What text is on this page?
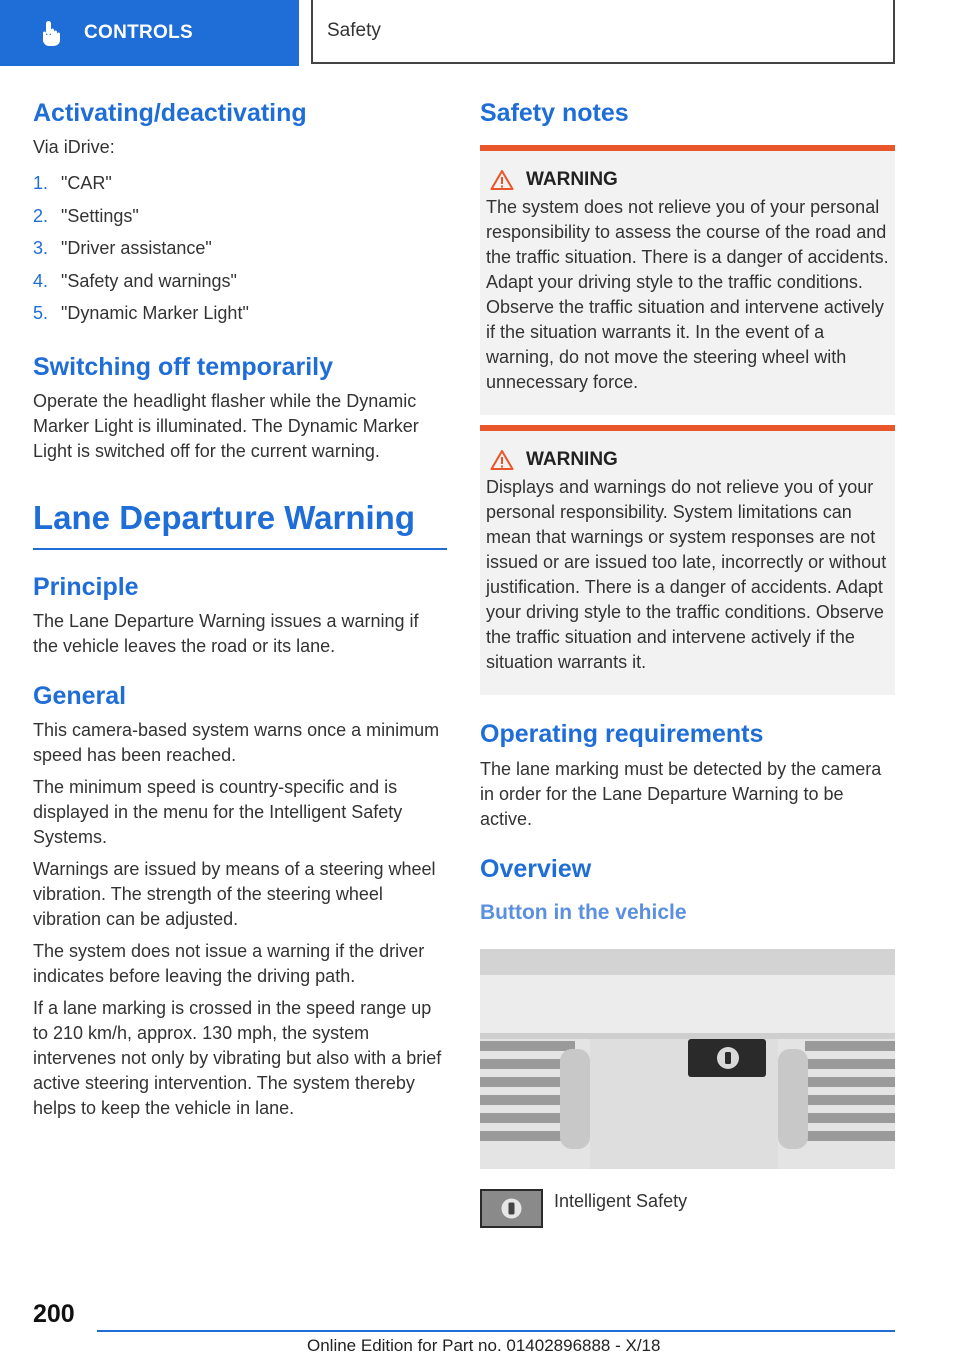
CONTROLS	Safety
Activating/deactivating

Via iDrive:

1. "CAR"
2. "Settings"
3. "Driver assistance"
4. "Safety and warnings"
5. "Dynamic Marker Light"
Switching off temporarily

Operate the headlight flasher while the Dynamic Marker Light is illuminated. The Dynamic Marker Light is switched off for the current warning.

Lane Departure Warning
Principle

The Lane Departure Warning issues a warning if the vehicle leaves the road or its lane.

General

This camera-based system warns once a minimum speed has been reached.

The minimum speed is country-specific and is displayed in the menu for the Intelligent Safety Systems.

Warnings are issued by means of a steering wheel vibration. The strength of the steering wheel vibration can be adjusted.

The system does not issue a warning if the driver indicates before leaving the driving path.

If a lane marking is crossed in the speed range up to 210 km/h, approx. 130 mph, the system intervenes not only by vibrating but also with a brief active steering intervention. The system thereby helps to keep the vehicle in lane.

Safety notes
WARNING

The system does not relieve you of your personal responsibility to assess the course of the road and the traffic situation. There is a danger of accidents. Adapt your driving style to the traffic conditions. Observe the traffic situation and intervene actively if the situation warrants it. In the event of a warning, do not move the steering wheel with unnecessary force.

WARNING

Displays and warnings do not relieve you of your personal responsibility. System limitations can mean that warnings or system responses are not issued or are issued too late, incorrectly or without justification. There is a danger of accidents. Adapt your driving style to the traffic conditions. Observe the traffic situation and intervene actively if the situation warrants it.

Operating requirements

The lane marking must be detected by the camera in order for the Lane Departure Warning to be active.

Overview
Button in the vehicle
Intelligent Safety
200
Online Edition for Part no. 01402896888 - X/18
